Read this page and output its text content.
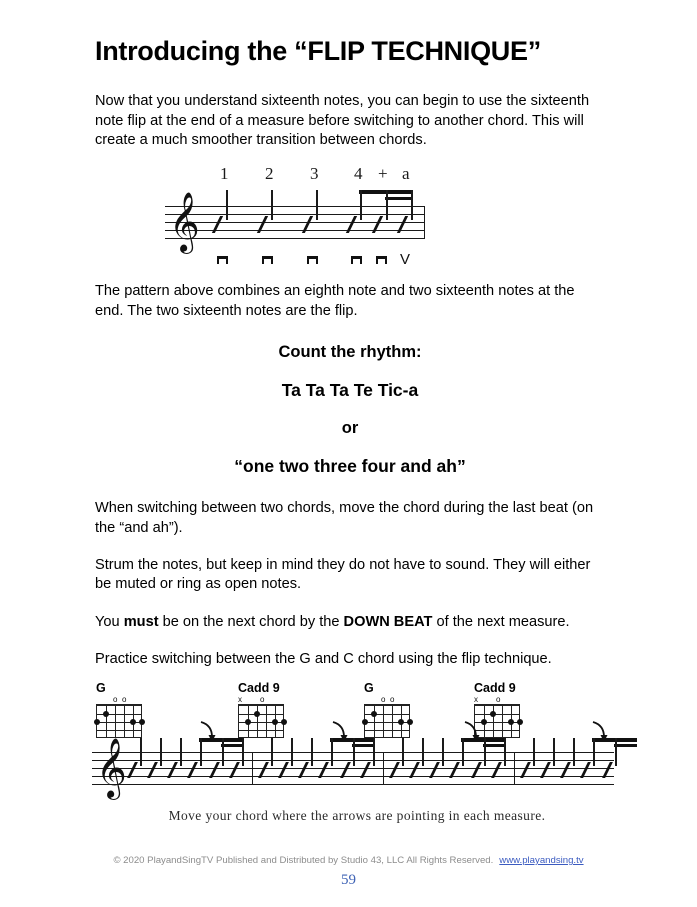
Introducing the “FLIP TECHNIQUE”

Now that you understand sixteenth notes, you can begin to use the sixteenth note flip at the end of a measure before switching to another chord. This will create a much smoother transition between chords.

1 2 3 4 + a
𝄞
V

The pattern above combines an eighth note and two sixteenth notes at the end. The two sixteenth notes are the flip.

Count the rhythm:
Ta Ta Ta Te Tic-a
or
“one two three four and ah”

When switching between two chords, move the chord during the last beat (on the “and ah”).

Strum the notes, but keep in mind they do not have to sound. They will either be muted or ring as open notes.

You must be on the next chord by the DOWN BEAT of the next measure.

Practice switching between the G and C chord using the flip technique.

G
o o
Cadd 9
x o
G
o o
Cadd 9
x o
𝄞
Move your chord where the arrows are pointing in each measure.
© 2020 PlayandSingTV Published and Distributed by Studio 43, LLC All Rights Reserved. www.playandsing.tv
59
